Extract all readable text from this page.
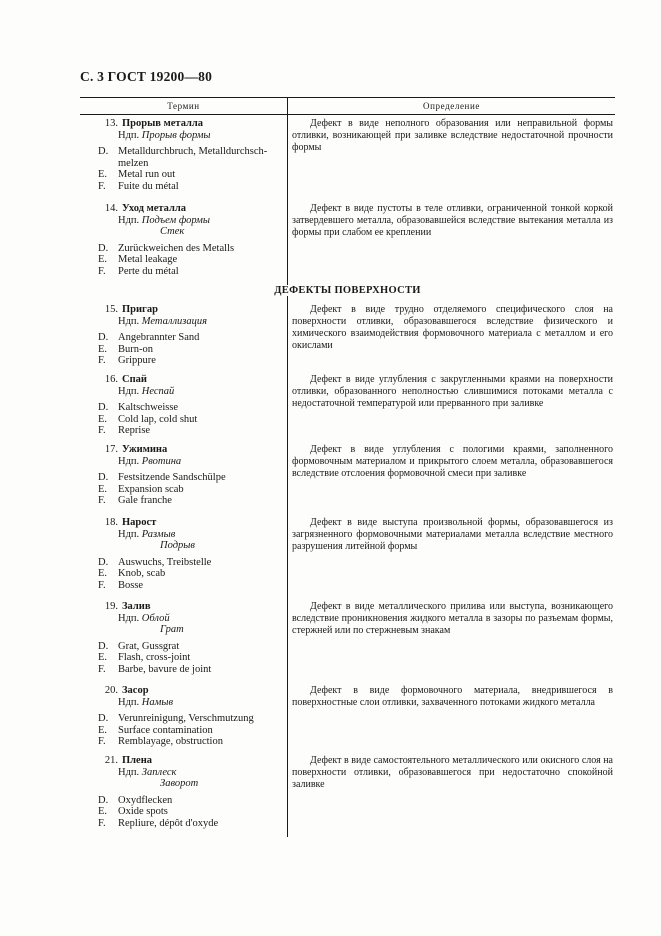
С. 3 ГОСТ 19200—80
Термин	Определение
ДЕФЕКТЫ ПОВЕРХНОСТИ
13. Прорыв металла
Ндп. Прорыв формы
D. Metalldurchbruch, Metalldurchsch-
melzen
E. Metal run out
F. Fuite du métal
Дефект в виде неполного образования или неправильной формы отливки, возникающей при заливке вследствие недостаточной прочности формы
14. Уход металла
Ндп. Подъем формы
Стек
D. Zurückweichen des Metalls
E. Metal leakage
F. Perte du métal
Дефект в виде пустоты в теле отливки, ограниченной тонкой коркой затвердевшего металла, образовавшейся вследствие вытекания металла из формы при слабом ее креплении
15. Пригар
Ндп. Металлизация
D. Angebrannter Sand
E. Burn-on
F. Grippure
Дефект в виде трудно отделяемого специфического слоя на поверхности отливки, образовавшегося вследствие физического и химического взаимодействия формовочного материала с металлом и его окислами
16. Спай
Ндп. Неспай
D. Kaltschweisse
E. Cold lap, cold shut
F. Reprise
Дефект в виде углубления с закругленными краями на поверхности отливки, образованного неполностью слившимися потоками металла с недостаточной температурой или прерванного при заливке
17. Ужимина
Ндп. Рвотина
D. Festsitzende Sandschülpe
E. Expansion scab
F. Gale franche
Дефект в виде углубления с пологими краями, заполненного формовочным материалом и прикрытого слоем металла, образовавшегося вследствие отслоения формовочной смеси при заливке
18. Нарост
Ндп. Размыв
Подрыв
D. Auswuchs, Treibstelle
E. Knob, scab
F. Bosse
Дефект в виде выступа произвольной формы, образовавшегося из загрязненного формовочными материалами металла вследствие местного разрушения литейной формы
19. Залив
Ндп. Облой
Грат
D. Grat, Gussgrat
E. Flash, cross-joint
F. Barbe, bavure de joint
Дефект в виде металлического прилива или выступа, возникающего вследствие проникновения жидкого металла в зазоры по разъемам формы, стержней или по стержневым знакам
20. Засор
Ндп. Намыв
D. Verunreinigung, Verschmutzung
E. Surface contamination
F. Remblayage, obstruction
Дефект в виде формовочного материала, внедрившегося в поверхностные слои отливки, захваченного потоками жидкого металла
21. Плена
Ндп. Заплеск
Заворот
D. Oxydflecken
E. Oxide spots
F. Repliure, dépôt d'oxyde
Дефект в виде самостоятельного металлического или окисного слоя на поверхности отливки, образовавшегося при недостаточно спокойной заливке
